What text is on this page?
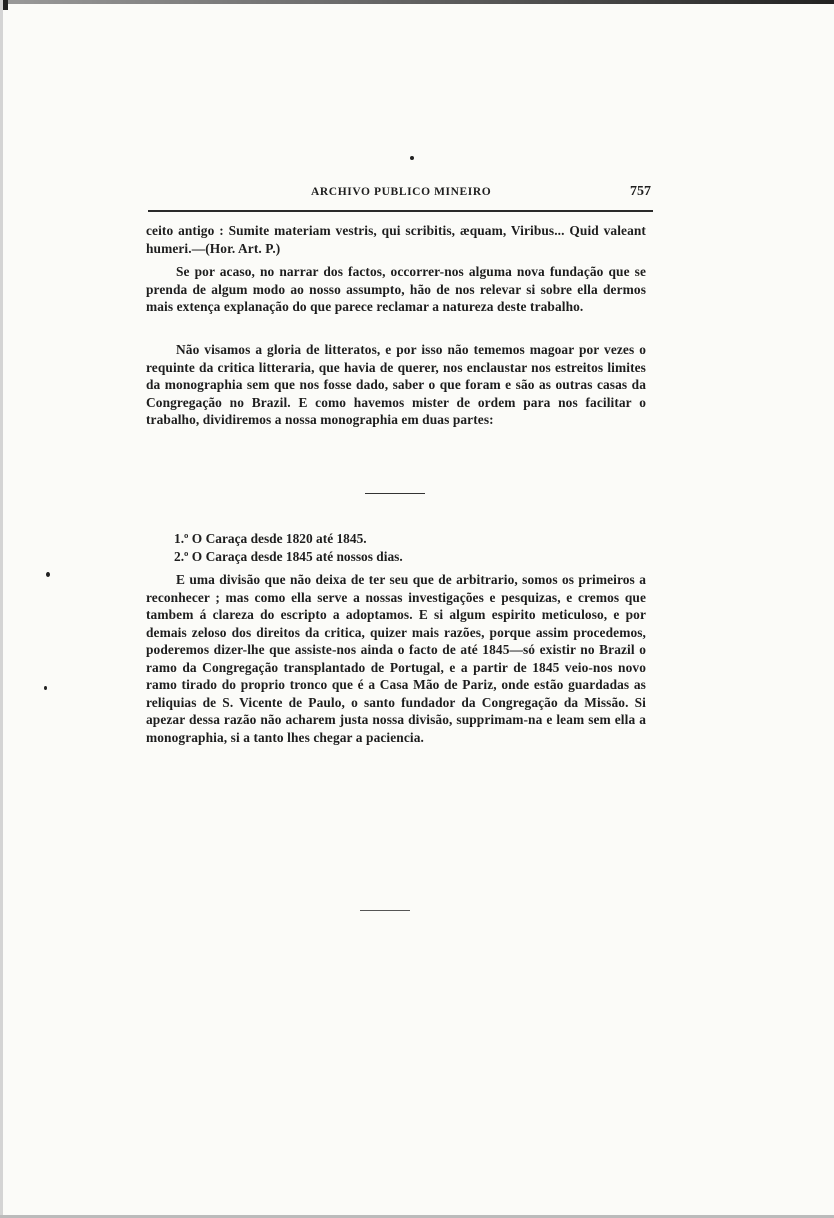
ARCHIVO PUBLICO MINEIRO	757

ceito antigo : Sumite materiam vestris, qui scribitis, æquam, Viribus... Quid valeant humeri.—(Hor. Art. P.)

Se por acaso, no narrar dos factos, occorrer-nos alguma nova fundação que se prenda de algum modo ao nosso assumpto, hão de nos relevar si sobre ella dermos mais extença explanação do que parece reclamar a natureza deste trabalho.

Não visamos a gloria de litteratos, e por isso não tememos magoar por vezes o requinte da critica litteraria, que havia de querer, nos enclaustar nos estreitos limites da monographia sem que nos fosse dado, saber o que foram e são as outras casas da Congregação no Brazil. E como havemos mister de ordem para nos facilitar o trabalho, dividiremos a nossa monographia em duas partes:

1.º O Caraça desde 1820 até 1845.
2.º O Caraça desde 1845 até nossos dias.

E uma divisão que não deixa de ter seu que de arbitrario, somos os primeiros a reconhecer ; mas como ella serve a nossas investigações e pesquizas, e cremos que tambem á clareza do escripto a adoptamos. E si algum espirito meticuloso, e por demais zeloso dos direitos da critica, quizer mais razões, porque assim procedemos, poderemos dizer-lhe que assiste-nos ainda o facto de até 1845—só existir no Brazil o ramo da Congregação transplantado de Portugal, e a partir de 1845 veio-nos novo ramo tirado do proprio tronco que é a Casa Mão de Pariz, onde estão guardadas as reliquias de S. Vicente de Paulo, o santo fundador da Congregação da Missão. Si apezar dessa razão não acharem justa nossa divisão, supprimam-na e leam sem ella a monographia, si a tanto lhes chegar a paciencia.
